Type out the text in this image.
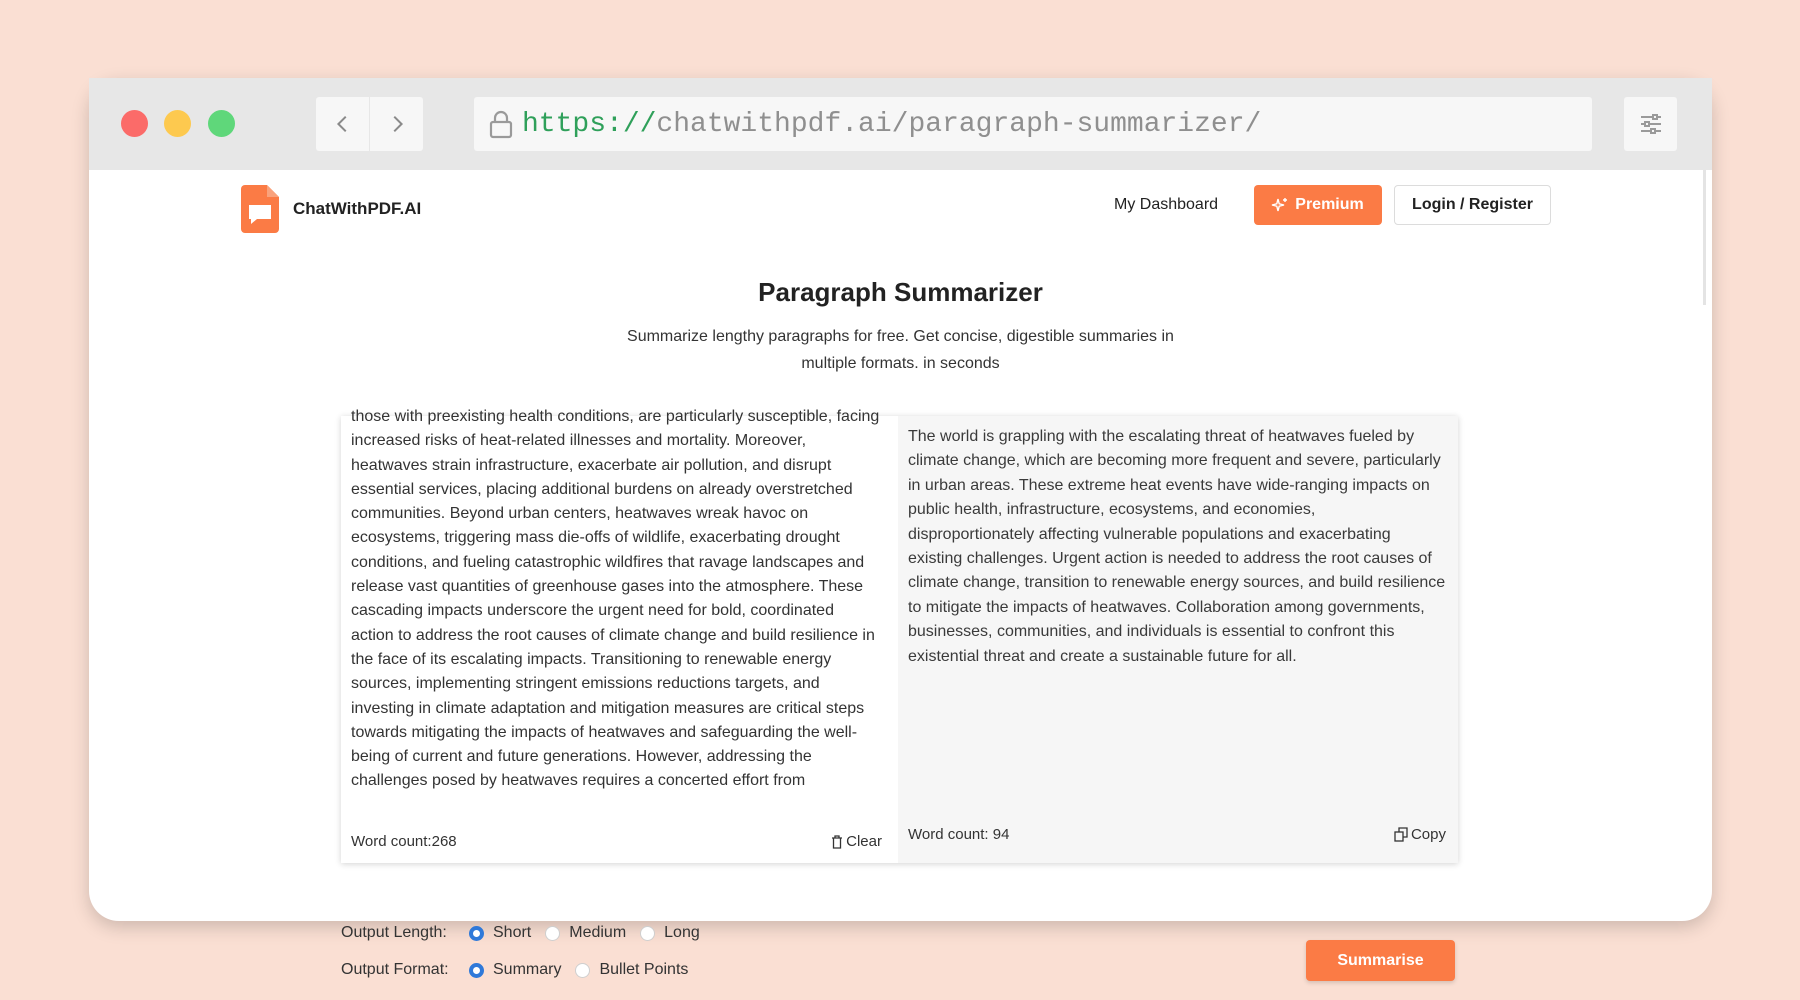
https://chatwithpdf.ai/paragraph-summarizer/
ChatWithPDF.AI	My Dashboard	Premium	Login / Register
Paragraph Summarizer
Summarize lengthy paragraphs for free. Get concise, digestible summaries in
multiple formats. in seconds

those with preexisting health conditions, are particularly susceptible, facing increased risks of heat-related illnesses and mortality. Moreover, heatwaves strain infrastructure, exacerbate air pollution, and disrupt essential services, placing additional burdens on already overstretched communities. Beyond urban centers, heatwaves wreak havoc on ecosystems, triggering mass die-offs of wildlife, exacerbating drought conditions, and fueling catastrophic wildfires that ravage landscapes and release vast quantities of greenhouse gases into the atmosphere. These cascading impacts underscore the urgent need for bold, coordinated action to address the root causes of climate change and build resilience in the face of its escalating impacts. Transitioning to renewable energy sources, implementing stringent emissions reductions targets, and investing in climate adaptation and mitigation measures are critical steps towards mitigating the impacts of heatwaves and safeguarding the well-being of current and future generations. However, addressing the challenges posed by heatwaves requires a concerted effort from

Word count:268	Clear
The world is grappling with the escalating threat of heatwaves fueled by climate change, which are becoming more frequent and severe, particularly in urban areas. These extreme heat events have wide-ranging impacts on public health, infrastructure, ecosystems, and economies, disproportionately affecting vulnerable populations and exacerbating existing challenges. Urgent action is needed to address the root causes of climate change, transition to renewable energy sources, and build resilience to mitigate the impacts of heatwaves. Collaboration among governments, businesses, communities, and individuals is essential to confront this existential threat and create a sustainable future for all.
Word count: 94	Copy
Output Length:	Short Medium Long
Output Format:	Summary Bullet Points
Summarise
